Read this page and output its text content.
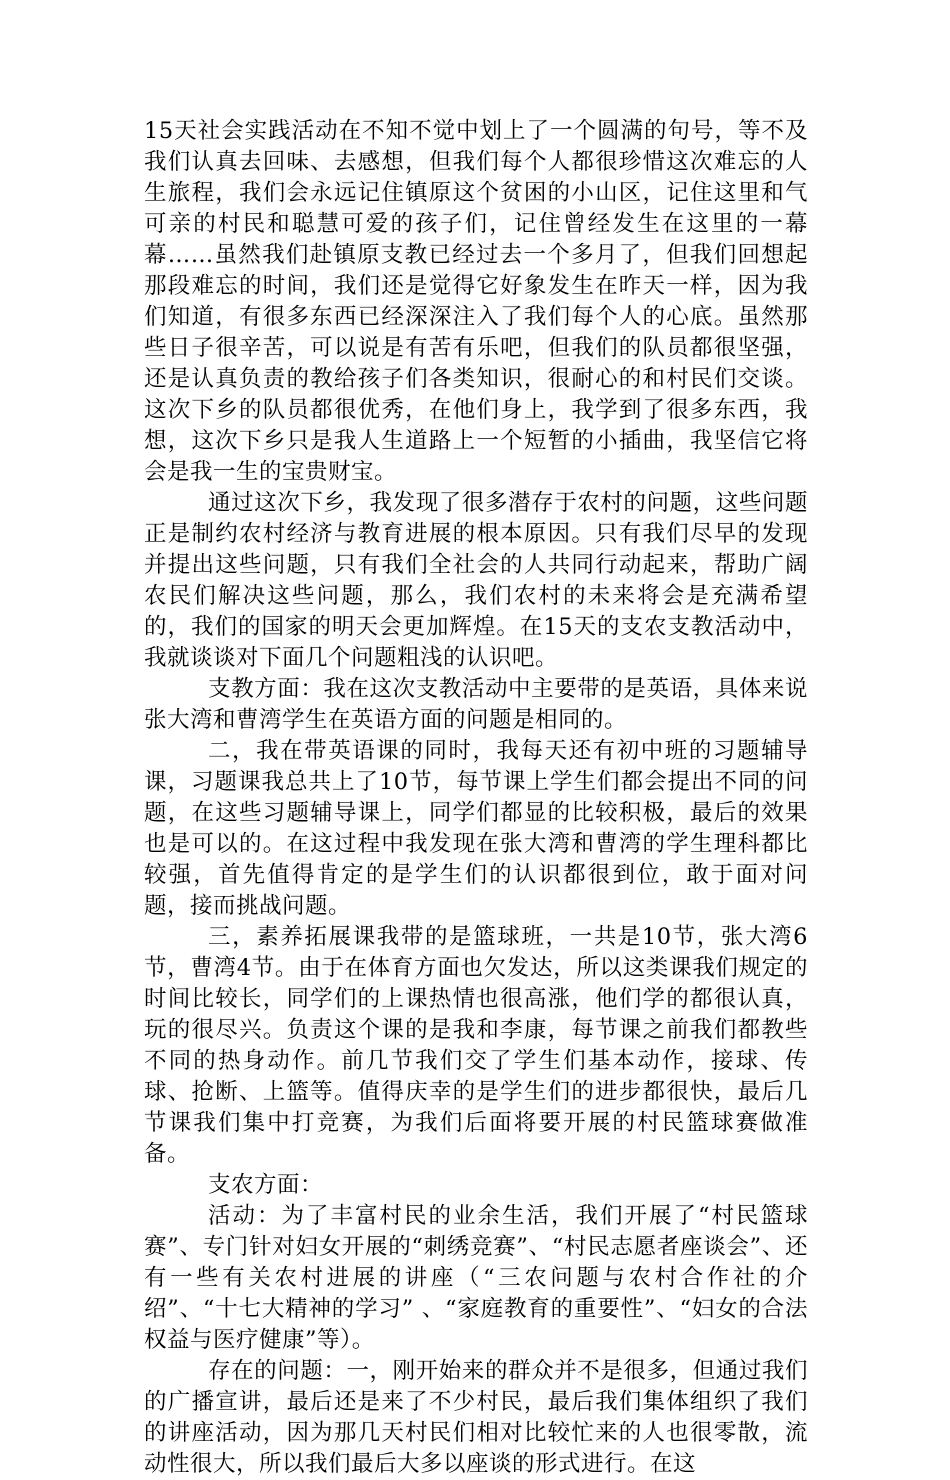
15天社会实践活动在不知不觉中划上了一个圆满的句号，等不及我们认真去回味、去感想，但我们每个人都很珍惜这次难忘的人生旅程，我们会永远记住镇原这个贫困的小山区，记住这里和气可亲的村民和聪慧可爱的孩子们，记住曾经发生在这里的一幕幕……虽然我们赴镇原支教已经过去一个多月了，但我们回想起那段难忘的时间，我们还是觉得它好象发生在昨天一样，因为我们知道，有很多东西已经深深注入了我们每个人的心底。虽然那些日子很辛苦，可以说是有苦有乐吧，但我们的队员都很坚强，还是认真负责的教给孩子们各类知识，很耐心的和村民们交谈。这次下乡的队员都很优秀，在他们身上，我学到了很多东西，我想，这次下乡只是我人生道路上一个短暂的小插曲，我坚信它将会是我一生的宝贵财宝。

通过这次下乡，我发现了很多潜存于农村的问题，这些问题正是制约农村经济与教育进展的根本原因。只有我们尽早的发现并提出这些问题，只有我们全社会的人共同行动起来，帮助广阔农民们解决这些问题，那么，我们农村的未来将会是充满希望的，我们的国家的明天会更加辉煌。在15天的支农支教活动中，我就谈谈对下面几个问题粗浅的认识吧。

支教方面：我在这次支教活动中主要带的是英语，具体来说张大湾和曹湾学生在英语方面的问题是相同的。

二，我在带英语课的同时，我每天还有初中班的习题辅导课，习题课我总共上了10节，每节课上学生们都会提出不同的问题，在这些习题辅导课上，同学们都显的比较积极，最后的效果也是可以的。在这过程中我发现在张大湾和曹湾的学生理科都比较强，首先值得肯定的是学生们的认识都很到位，敢于面对问题，接而挑战问题。

三，素养拓展课我带的是篮球班，一共是10节，张大湾6节，曹湾4节。由于在体育方面也欠发达，所以这类课我们规定的时间比较长，同学们的上课热情也很高涨，他们学的都很认真，玩的很尽兴。负责这个课的是我和李康，每节课之前我们都教些不同的热身动作。前几节我们交了学生们基本动作，接球、传球、抢断、上篮等。值得庆幸的是学生们的进步都很快，最后几节课我们集中打竞赛，为我们后面将要开展的村民篮球赛做准备。

支农方面：

活动：为了丰富村民的业余生活，我们开展了“村民篮球赛”、专门针对妇女开展的“刺绣竞赛”、“村民志愿者座谈会”、还有一些有关农村进展的讲座（“三农问题与农村合作社的介绍”、“十七大精神的学习” 、“家庭教育的重要性”、“妇女的合法权益与医疗健康”等）。

存在的问题：一，刚开始来的群众并不是很多，但通过我们的广播宣讲，最后还是来了不少村民，最后我们集体组织了我们的讲座活动，因为那几天村民们相对比较忙来的人也很零散，流动性很大，所以我们最后大多以座谈的形式进行。在这
